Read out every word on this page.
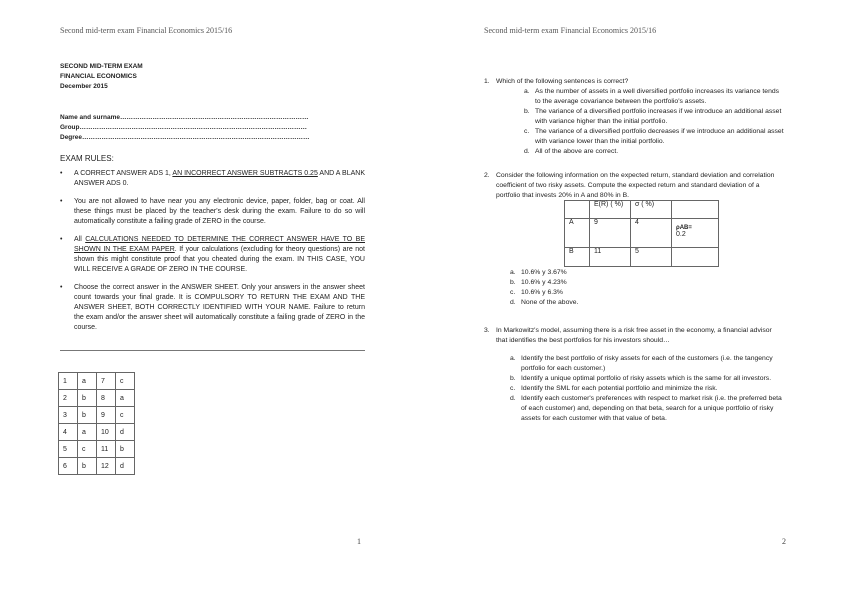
Second mid-term exam Financial Economics 2015/16
SECOND MID-TERM EXAM
FINANCIAL ECONOMICS
December 2015
Name and surname……………………………………………………………………………
Group……………………………………………………………………………………………
Degree……………………………………………………………………………………………
EXAM RULES:
• A CORRECT ANSWER ADS 1, AN INCORRECT ANSWER SUBTRACTS 0.25 AND A BLANK ANSWER ADS 0.
• You are not allowed to have near you any electronic device, paper, folder, bag or coat. All these things must be placed by the teacher's desk during the exam. Failure to do so will automatically constitute a failing grade of ZERO in the course.
• All CALCULATIONS NEEDED TO DETERMINE THE CORRECT ANSWER HAVE TO BE SHOWN IN THE EXAM PAPER. If your calculations (excluding for theory questions) are not shown this might constitute proof that you cheated during the exam. IN THIS CASE, YOU WILL RECEIVE A GRADE OF ZERO IN THE COURSE.
• Choose the correct answer in the ANSWER SHEET. Only your answers in the answer sheet count towards your final grade. It is COMPULSORY TO RETURN THE EXAM AND THE ANSWER SHEET, BOTH CORRECTLY IDENTIFIED WITH YOUR NAME. Failure to return the exam and/or the answer sheet will automatically constitute a failing grade of ZERO in the course.
1	a	7	c
2	b	8	a
3	b	9	c
4	a	10	d
5	c	11	b
6	b	12	d
1
Second mid-term exam Financial Economics 2015/16
1. Which of the following sentences is correct?
a. As the number of assets in a well diversified portfolio increases its variance tends to the average covariance between the portfolio's assets.
b. The variance of a diversified portfolio increases if we introduce an additional asset with variance higher than the initial portfolio.
c. The variance of a diversified portfolio decreases if we introduce an additional asset with variance lower than the initial portfolio.
d. All of the above are correct.
2. Consider the following information on the expected return, standard deviation and correlation coefficient of two risky assets. Compute the expected return and standard deviation of a portfolio that invests 20% in A and 80% in B.
	E(R) ( %)	σ ( %)	
A	9	4	ρAB=
0.2

B	11	5	
a. 10.6% y 3.67%
b. 10.6% y 4.23%
c. 10.6% y 6.3%
d. None of the above.
3. In Markowitz's model, assuming there is a risk free asset in the economy, a financial advisor that identifies the best portfolios for his investors should…
a. Identify the best portfolio of risky assets for each of the customers (i.e. the tangency portfolio for each customer.)
b. Identify a unique optimal portfolio of risky assets which is the same for all investors.
c. Identify the SML for each potential portfolio and minimize the risk.
d. Identify each customer's preferences with respect to market risk (i.e. the preferred beta of each customer) and, depending on that beta, search for a unique portfolio of risky assets for each customer with that value of beta.
2
